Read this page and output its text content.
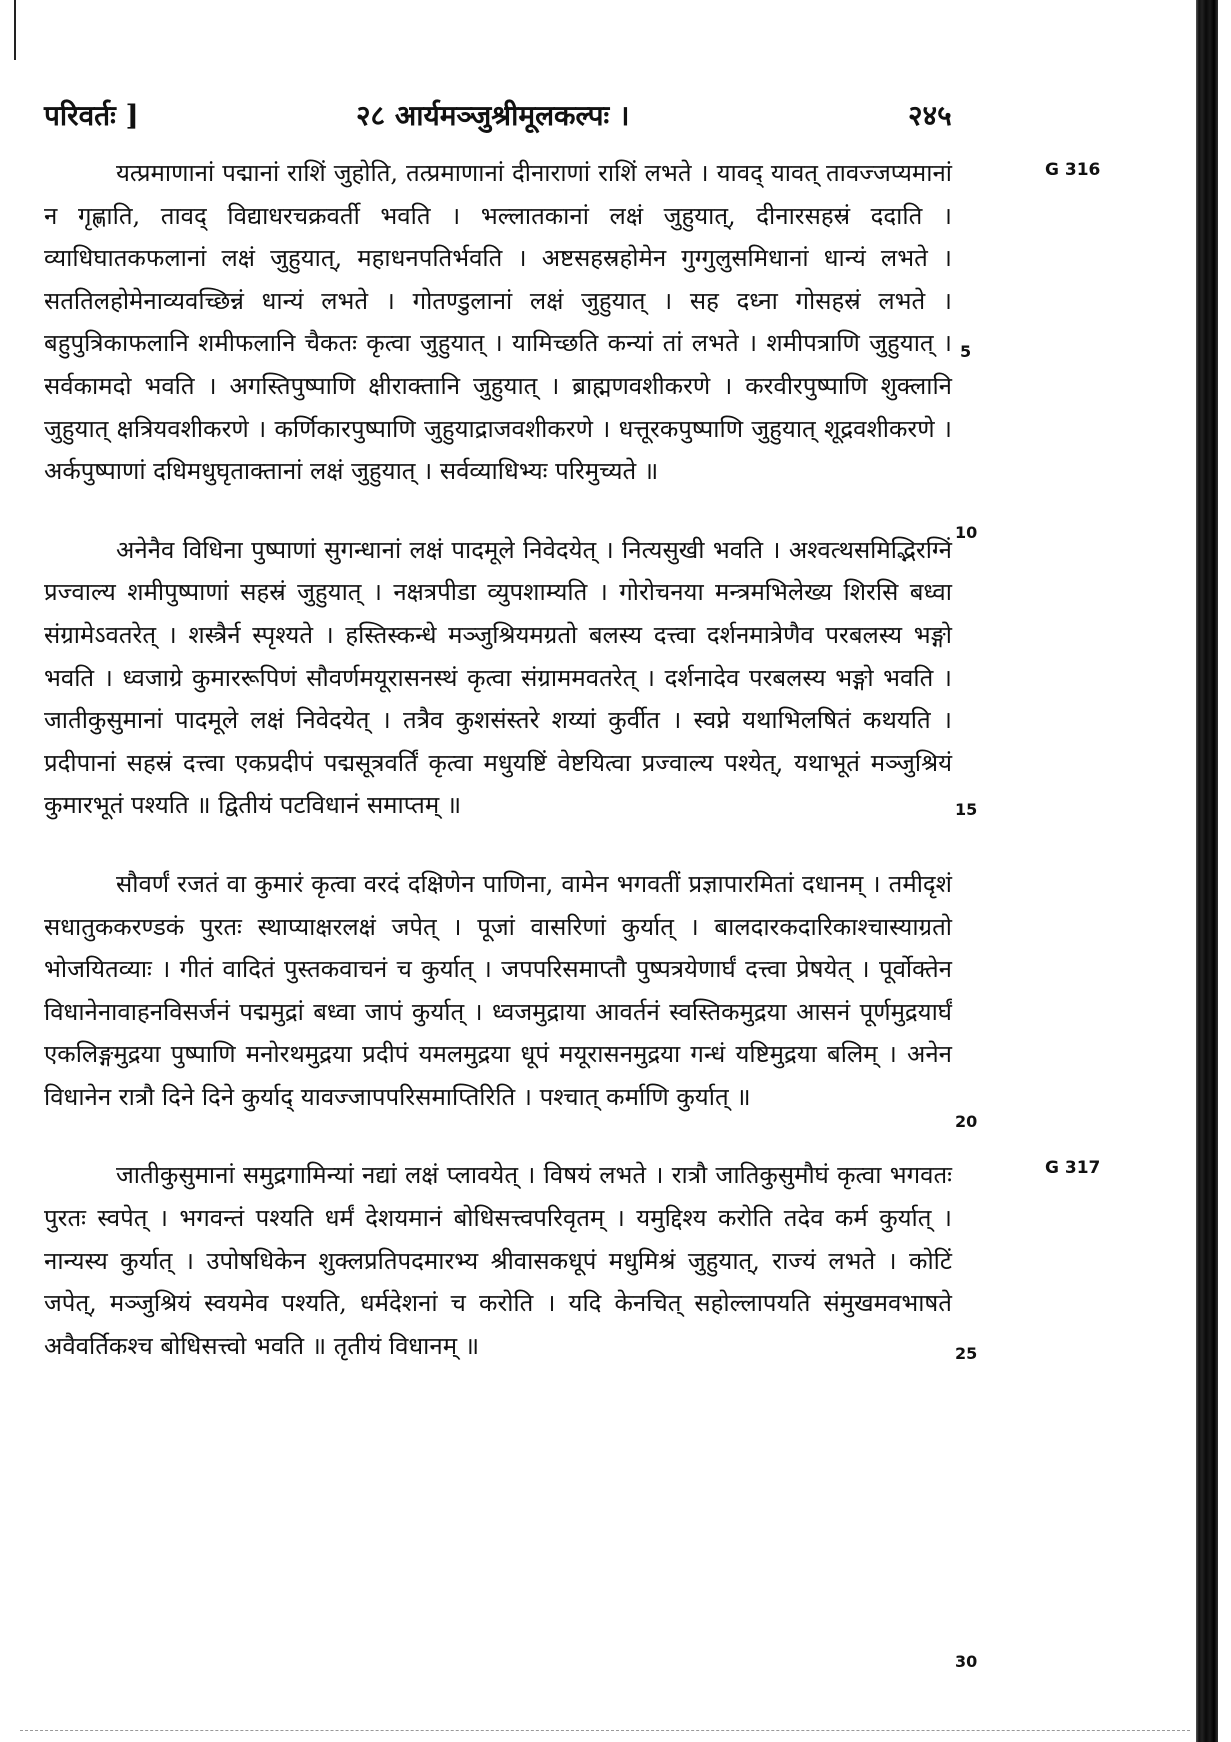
परिवर्तः ]	२८ आर्यमञ्जुश्रीमूलकल्पः ।	२४५

यत्प्रमाणानां पद्मानां राशिं जुहोति, तत्प्रमाणानां दीनाराणां राशिं लभते । यावद् यावत् तावज्जप्यमानां न गृह्णाति, तावद् विद्याधरचक्रवर्ती भवति । भल्लातकानां लक्षं जुहुयात्, दीनारसहस्रं ददाति । व्याधिघातकफलानां लक्षं जुहुयात्, महाधनपतिर्भवति । अष्टसहस्रहोमेन गुग्गुलुसमिधानां धान्यं लभते । सततिलहोमेनाव्यवच्छिन्नं धान्यं लभते । गोतण्डुलानां लक्षं जुहुयात् । सह दध्ना गोसहस्रं लभते । बहुपुत्रिकाफलानि शमीफलानि चैकतः कृत्वा जुहुयात् । यामिच्छति कन्यां तां लभते । शमीपत्राणि जुहुयात् । सर्वकामदो भवति । अगस्तिपुष्पाणि क्षीराक्तानि जुहुयात् । ब्राह्मणवशीकरणे । करवीरपुष्पाणि शुक्लानि जुहुयात् क्षत्रियवशीकरणे । कर्णिकारपुष्पाणि जुहुयाद्राजवशीकरणे । धत्तूरकपुष्पाणि जुहुयात् शूद्रवशीकरणे । अर्कपुष्पाणां दधिमधुघृताक्तानां लक्षं जुहुयात् । सर्वव्याधिभ्यः परिमुच्यते ॥

अनेनैव विधिना पुष्पाणां सुगन्धानां लक्षं पादमूले निवेदयेत् । नित्यसुखी भवति । अश्वत्थसमिद्भिरग्निं प्रज्वाल्य शमीपुष्पाणां सहस्रं जुहुयात् । नक्षत्रपीडा व्युपशाम्यति । गोरोचनया मन्त्रमभिलेख्य शिरसि बध्वा संग्रामेऽवतरेत् । शस्त्रैर्न स्पृश्यते । हस्तिस्कन्धे मञ्जुश्रियमग्रतो बलस्य दत्त्वा दर्शनमात्रेणैव परबलस्य भङ्गो भवति । ध्वजाग्रे कुमाररूपिणं सौवर्णमयूरासनस्थं कृत्वा संग्राममवतरेत् । दर्शनादेव परबलस्य भङ्गो भवति । जातीकुसुमानां पादमूले लक्षं निवेदयेत् । तत्रैव कुशसंस्तरे शय्यां कुर्वीत । स्वप्ने यथाभिलषितं कथयति । प्रदीपानां सहस्रं दत्त्वा एकप्रदीपं पद्मसूत्रवर्तिं कृत्वा मधुयष्टिं वेष्टयित्वा प्रज्वाल्य पश्येत्, यथाभूतं मञ्जुश्रियं कुमारभूतं पश्यति ॥ द्वितीयं पटविधानं समाप्तम् ॥

सौवर्णं रजतं वा कुमारं कृत्वा वरदं दक्षिणेन पाणिना, वामेन भगवतीं प्रज्ञापारमितां दधानम् । तमीदृशं सधातुककरण्डकं पुरतः स्थाप्याक्षरलक्षं जपेत् । पूजां वासरिणां कुर्यात् । बालदारकदारिकाश्चास्याग्रतो भोजयितव्याः । गीतं वादितं पुस्तकवाचनं च कुर्यात् । जपपरिसमाप्तौ पुष्पत्रयेणार्घं दत्त्वा प्रेषयेत् । पूर्वोक्तेन विधानेनावाहनविसर्जनं पद्ममुद्रां बध्वा जापं कुर्यात् । ध्वजमुद्राया आवर्तनं स्वस्तिकमुद्रया आसनं पूर्णमुद्रयार्घं एकलिङ्गमुद्रया पुष्पाणि मनोरथमुद्रया प्रदीपं यमलमुद्रया धूपं मयूरासनमुद्रया गन्धं यष्टिमुद्रया बलिम् । अनेन विधानेन रात्रौ दिने दिने कुर्याद् यावज्जापपरिसमाप्तिरिति । पश्चात् कर्माणि कुर्यात् ॥

जातीकुसुमानां समुद्रगामिन्यां नद्यां लक्षं प्लावयेत् । विषयं लभते । रात्रौ जातिकुसुमौघं कृत्वा भगवतः पुरतः स्वपेत् । भगवन्तं पश्यति धर्मं देशयमानं बोधिसत्त्वपरिवृतम् । यमुद्दिश्य करोति तदेव कर्म कुर्यात् । नान्यस्य कुर्यात् । उपोषधिकेन शुक्लप्रतिपदमारभ्य श्रीवासकधूपं मधुमिश्रं जुहुयात्, राज्यं लभते । कोटिं जपेत्, मञ्जुश्रियं स्वयमेव पश्यति, धर्मदेशनां च करोति । यदि केनचित् सहोल्लापयति संमुखमवभाषते अवैवर्तिकश्च बोधिसत्त्वो भवति ॥ तृतीयं विधानम् ॥

5
10
15
20
25
30
G 316
G 317
